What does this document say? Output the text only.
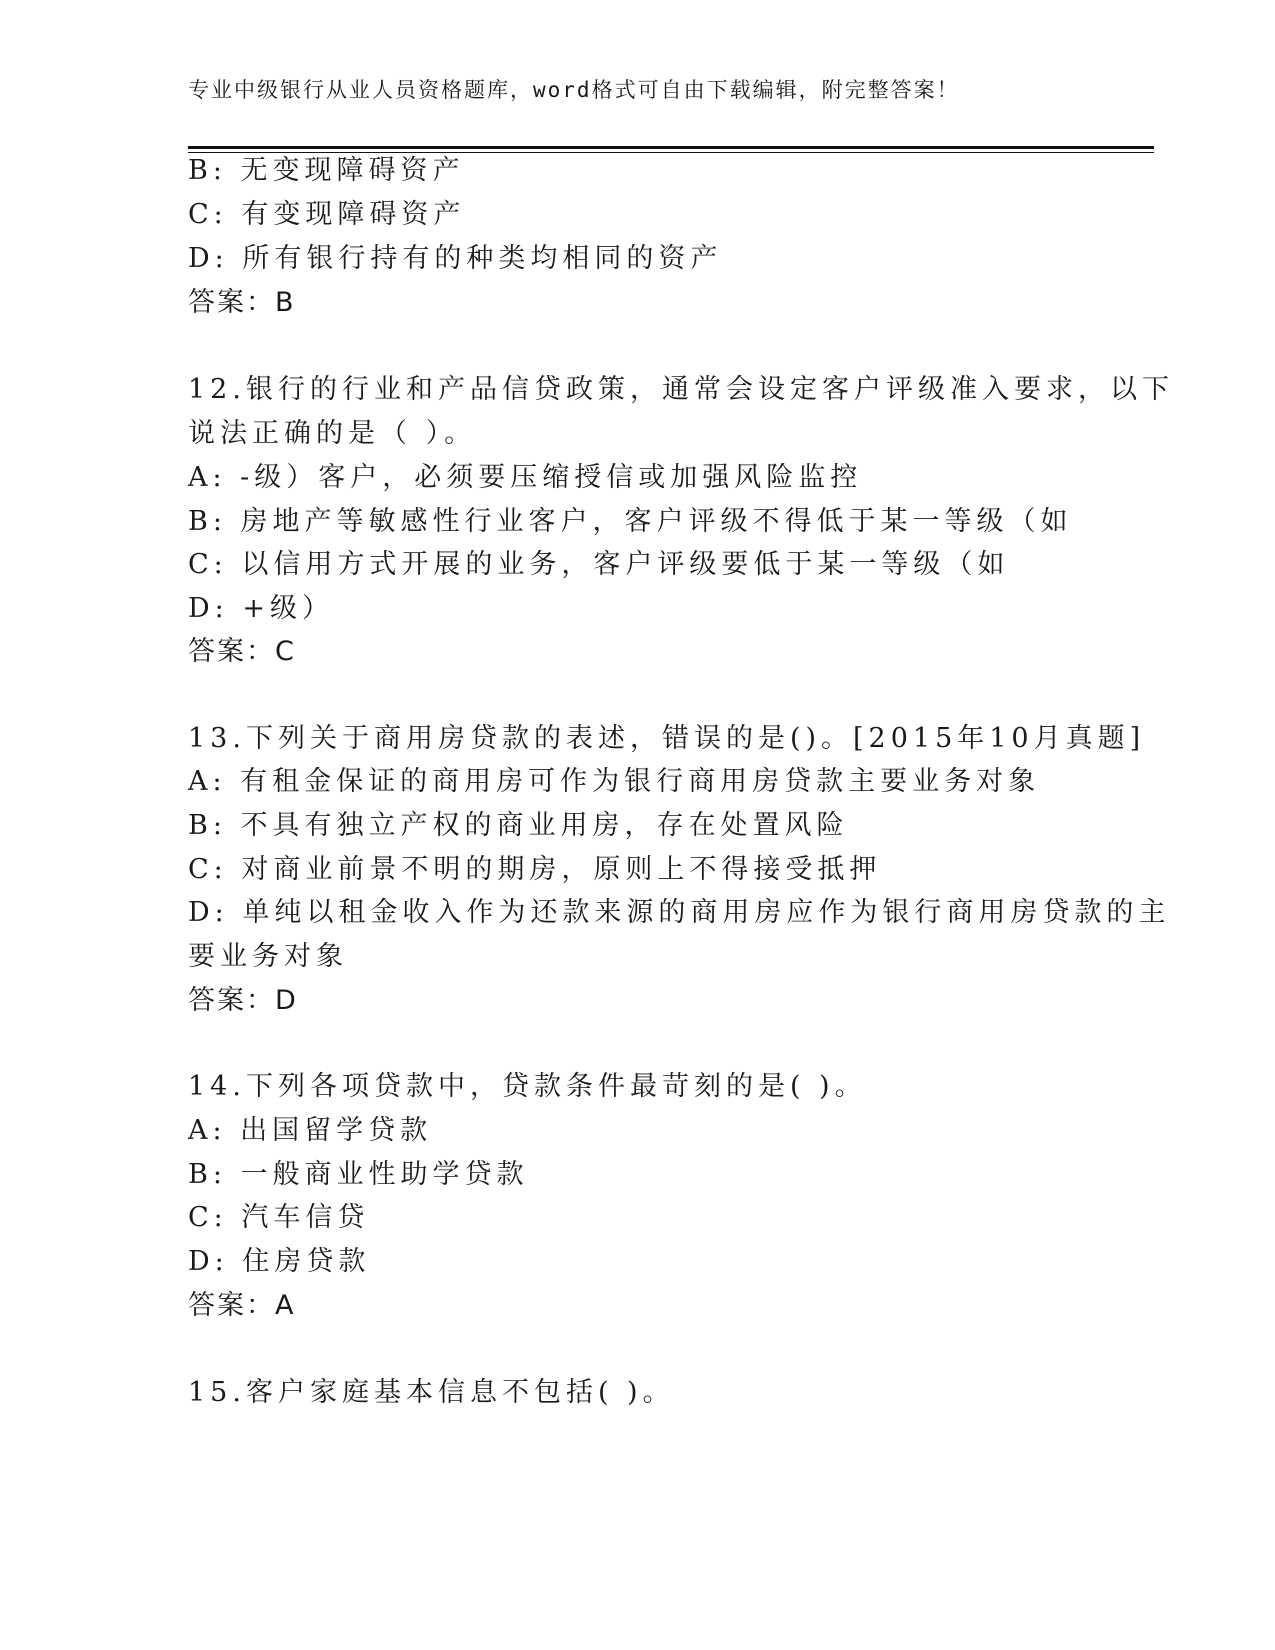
专业中级银行从业人员资格题库，word格式可自由下载编辑，附完整答案！
B: 无变现障碍资产
C: 有变现障碍资产
D: 所有银行持有的种类均相同的资产
答案：B
12.银行的行业和产品信贷政策，通常会设定客户评级准入要求，以下
说法正确的是（ ）。
A: -级）客户，必须要压缩授信或加强风险监控
B: 房地产等敏感性行业客户，客户评级不得低于某一等级（如
C: 以信用方式开展的业务，客户评级要低于某一等级（如
D: +级）
答案：C
13.下列关于商用房贷款的表述，错误的是()。[2015年10月真题]
A: 有租金保证的商用房可作为银行商用房贷款主要业务对象
B: 不具有独立产权的商业用房，存在处置风险
C: 对商业前景不明的期房，原则上不得接受抵押
D: 单纯以租金收入作为还款来源的商用房应作为银行商用房贷款的主
要业务对象
答案：D
14.下列各项贷款中，贷款条件最苛刻的是( )。
A: 出国留学贷款
B: 一般商业性助学贷款
C: 汽车信贷
D: 住房贷款
答案：A
15.客户家庭基本信息不包括( )。
